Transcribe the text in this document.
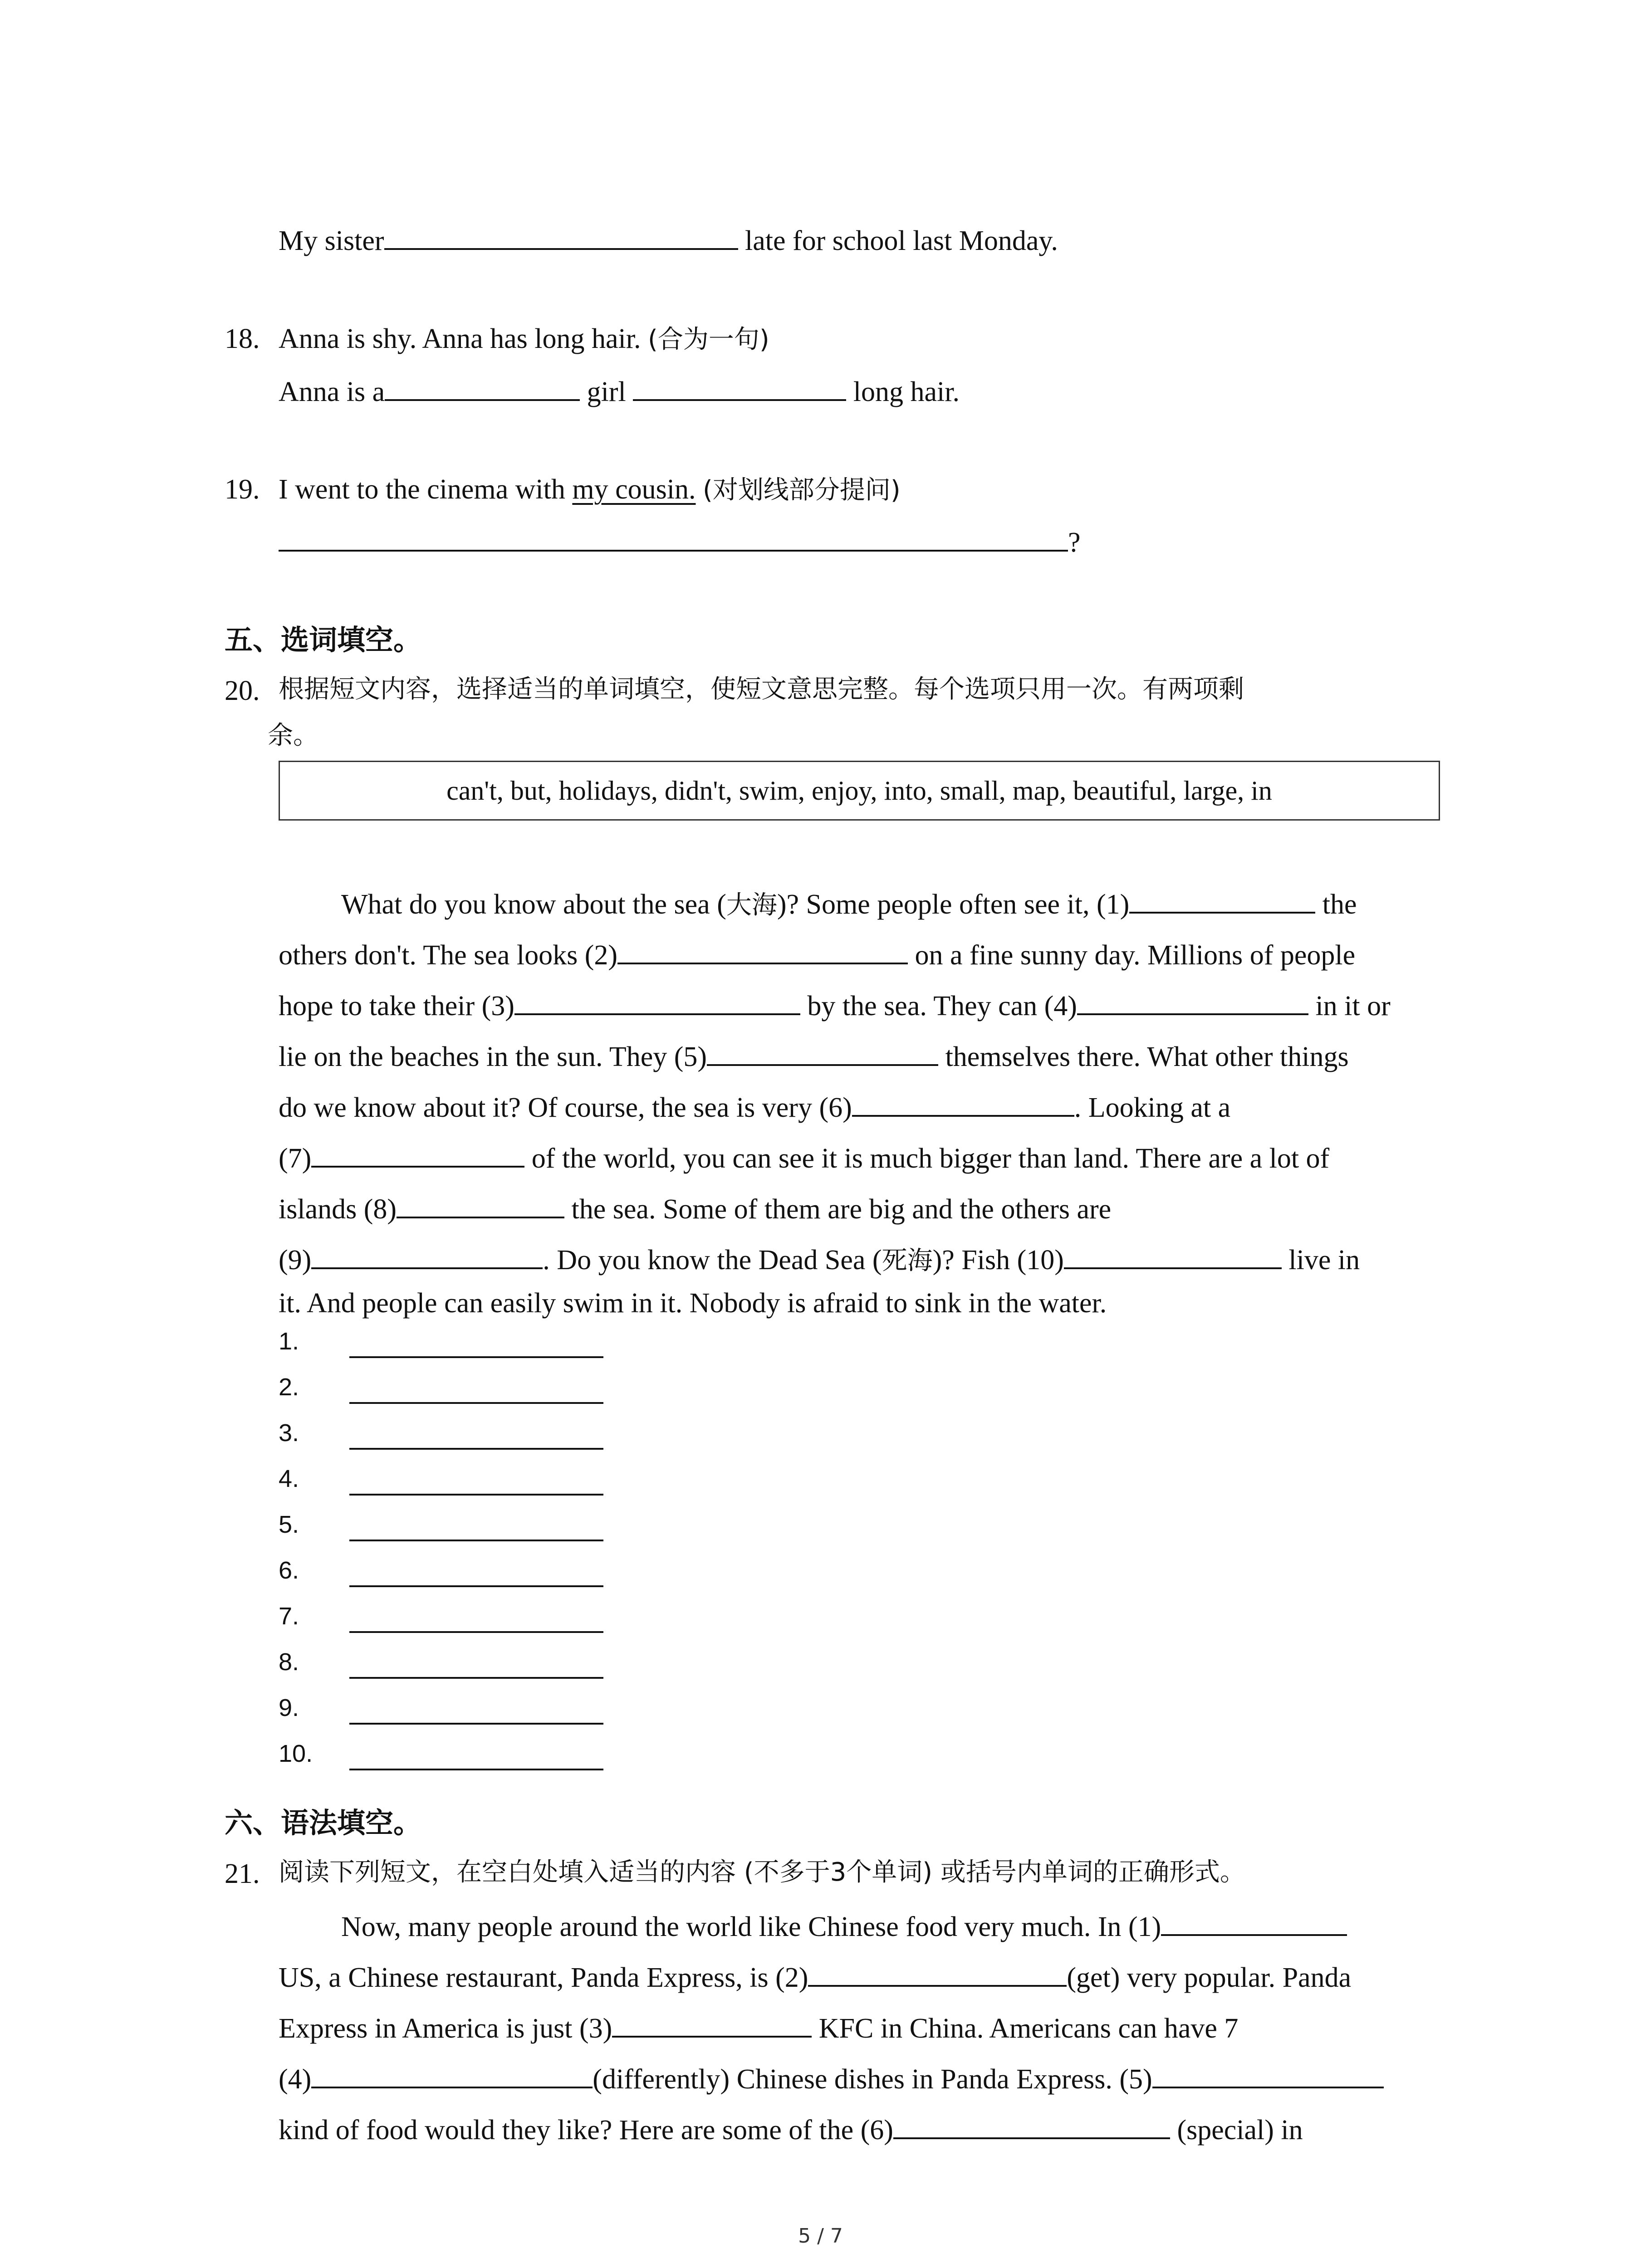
My sister	late for school last Monday.
18. Anna is shy. Anna has long hair. (合为一句)
Anna is a	girl	long hair.
19. I went to the cinema with my cousin. (对划线部分提问)
?
五、选词填空。
20. 根据短文内容，选择适当的单词填空，使短文意思完整。每个选项只用一次。有两项剩
余。
can't, but, holidays, didn't, swim, enjoy, into, small, map, beautiful, large, in
What do you know about the sea (大海)? Some people often see it, (1)	the
others don't. The sea looks (2)	on a fine sunny day. Millions of people
hope to take their (3)	by the sea. They can (4)	in it or
lie on the beaches in the sun. They (5)	themselves there. What other things
do we know about it? Of course, the sea is very (6)	. Looking at a
(7)	of the world, you can see it is much bigger than land. There are a lot of
islands (8)	the sea. Some of them are big and the others are
(9)	. Do you know the Dead Sea (死海)? Fish (10)	live in
it. And people can easily swim in it. Nobody is afraid to sink in the water.
1.
2.
3.
4.
5.
6.
7.
8.
9.
10.
六、语法填空。
21. 阅读下列短文，在空白处填入适当的内容 (不多于3个单词) 或括号内单词的正确形式。
Now, many people around the world like Chinese food very much. In (1)
US, a Chinese restaurant, Panda Express, is (2)	(get) very popular. Panda
Express in America is just (3)	KFC in China. Americans can have 7
(4)	(differently) Chinese dishes in Panda Express. (5)
kind of food would they like? Here are some of the (6)	(special) in
5 / 7
